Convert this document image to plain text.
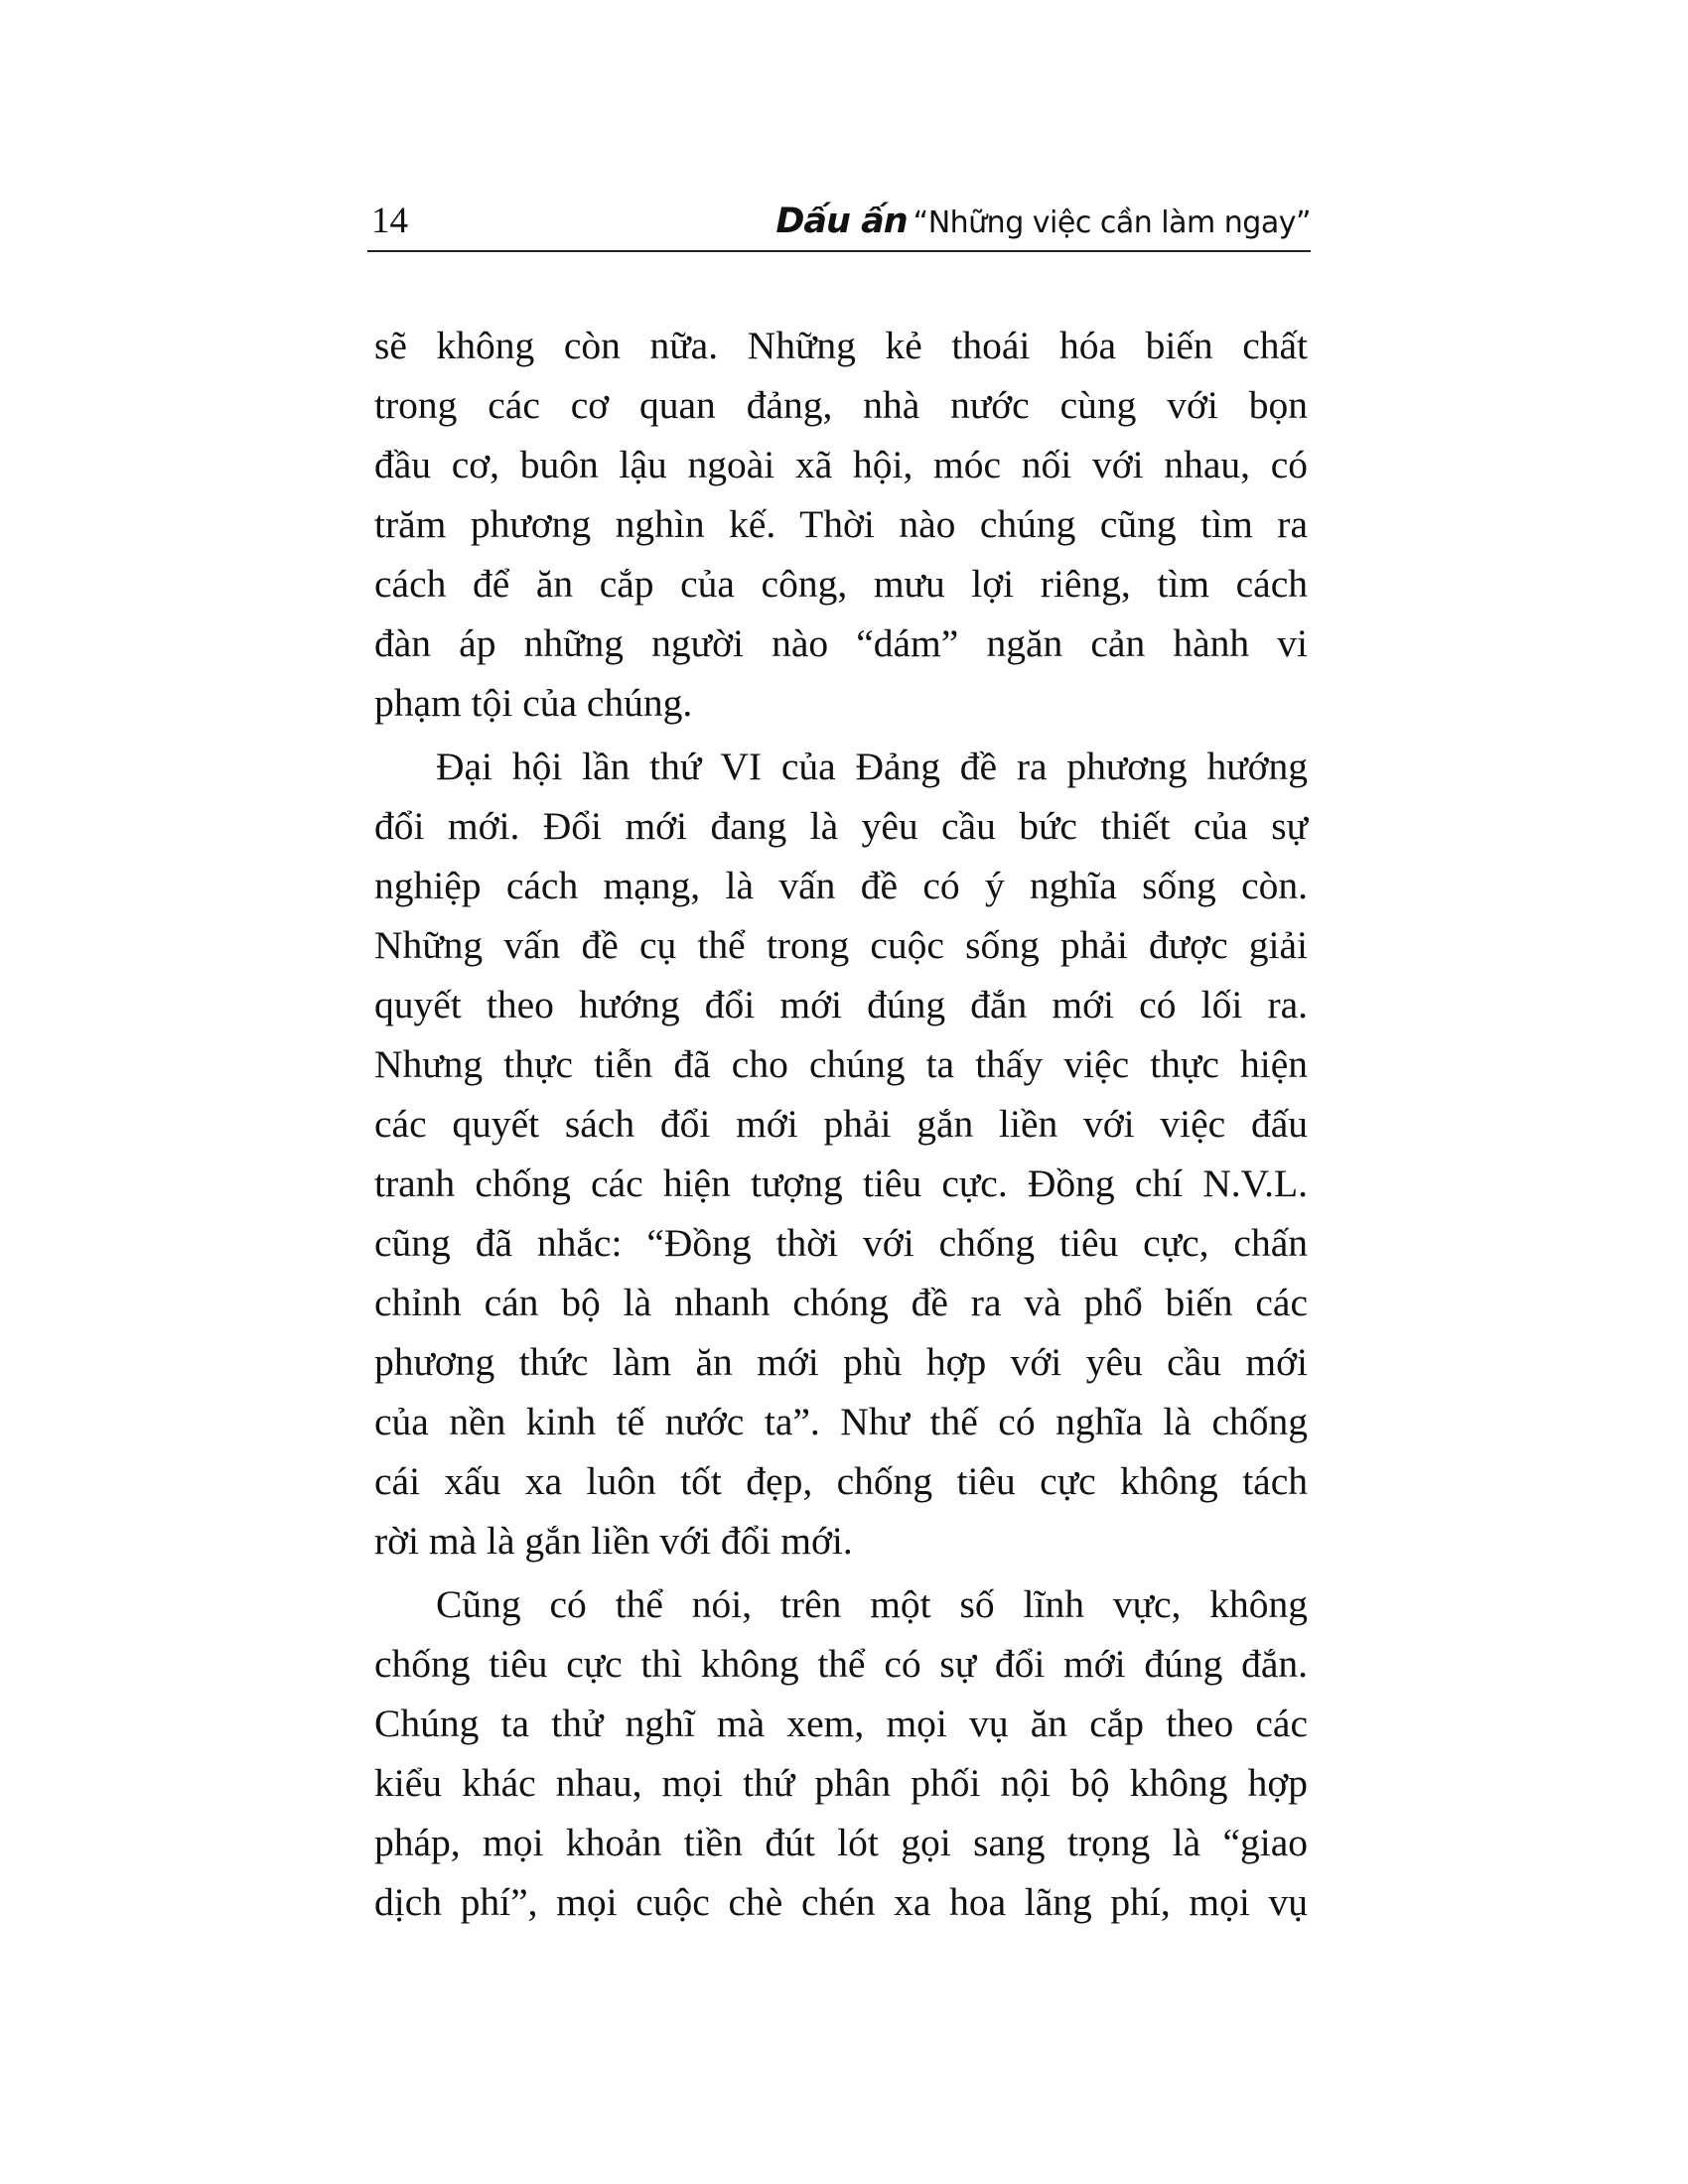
14	Dấu ấn “Những việc cần làm ngay”
sẽ không còn nữa. Những kẻ thoái hóa biến chất
trong các cơ quan đảng, nhà nước cùng với bọn
đầu cơ, buôn lậu ngoài xã hội, móc nối với nhau, có
trăm phương nghìn kế. Thời nào chúng cũng tìm ra
cách để ăn cắp của công, mưu lợi riêng, tìm cách
đàn áp những người nào “dám” ngăn cản hành vi
phạm tội của chúng.
Đại hội lần thứ VI của Đảng đề ra phương hướng
đổi mới. Đổi mới đang là yêu cầu bức thiết của sự
nghiệp cách mạng, là vấn đề có ý nghĩa sống còn.
Những vấn đề cụ thể trong cuộc sống phải được giải
quyết theo hướng đổi mới đúng đắn mới có lối ra.
Nhưng thực tiễn đã cho chúng ta thấy việc thực hiện
các quyết sách đổi mới phải gắn liền với việc đấu
tranh chống các hiện tượng tiêu cực. Đồng chí N.V.L.
cũng đã nhắc: “Đồng thời với chống tiêu cực, chấn
chỉnh cán bộ là nhanh chóng đề ra và phổ biến các
phương thức làm ăn mới phù hợp với yêu cầu mới
của nền kinh tế nước ta”. Như thế có nghĩa là chống
cái xấu xa luôn tốt đẹp, chống tiêu cực không tách
rời mà là gắn liền với đổi mới.
Cũng có thể nói, trên một số lĩnh vực, không
chống tiêu cực thì không thể có sự đổi mới đúng đắn.
Chúng ta thử nghĩ mà xem, mọi vụ ăn cắp theo các
kiểu khác nhau, mọi thứ phân phối nội bộ không hợp
pháp, mọi khoản tiền đút lót gọi sang trọng là “giao
dịch phí”, mọi cuộc chè chén xa hoa lãng phí, mọi vụ
